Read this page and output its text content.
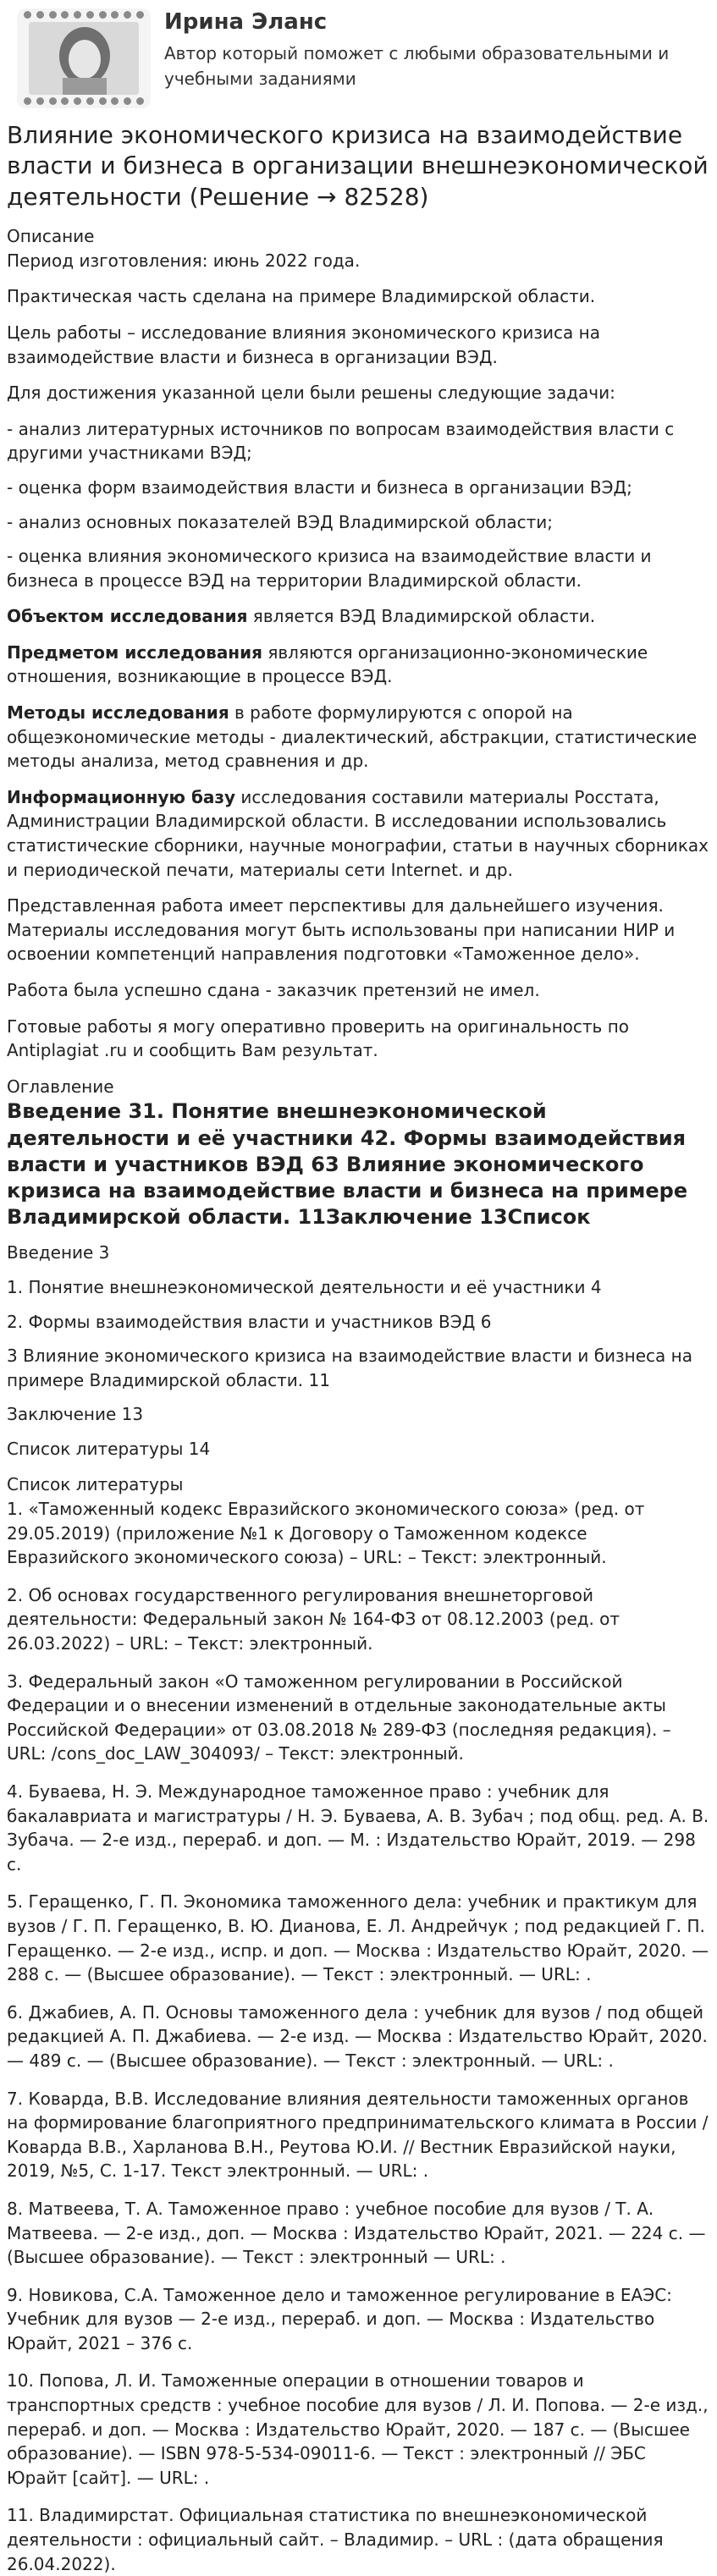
Ирина Эланс
Автор который поможет с любыми образовательными и учебными заданиями
Влияние экономического кризиса на взаимодействие власти и бизнеса в организации внешнеэкономической деятельности (Решение → 82528)
Описание

Период изготовления: июнь 2022 года.

Практическая часть сделана на примере Владимирской области.

Цель работы – исследование влияния экономического кризиса на взаимодействие власти и бизнеса в организации ВЭД.

Для достижения указанной цели были решены следующие задачи:

- анализ литературных источников по вопросам взаимодействия власти с другими участниками ВЭД;

- оценка форм взаимодействия власти и бизнеса в организации ВЭД;

- анализ основных показателей ВЭД Владимирской области;

- оценка влияния экономического кризиса на взаимодействие власти и бизнеса в процессе ВЭД на территории Владимирской области.

Объектом исследования является ВЭД Владимирской области.

Предметом исследования являются организационно-экономические отношения, возникающие в процессе ВЭД.

Методы исследования в работе формулируются с опорой на общеэкономические методы - диалектический, абстракции, статистические методы анализа, метод сравнения и др.

Информационную базу исследования составили материалы Росстата, Администрации Владимирской области. В исследовании использовались статистические сборники, научные монографии, статьи в научных сборниках и периодической печати, материалы сети Internet. и др.

Представленная работа имеет перспективы для дальнейшего изучения. Материалы исследования могут быть использованы при написании НИР и освоении компетенций направления подготовки «Таможенное дело».

Работа была успешно сдана - заказчик претензий не имел.

Готовые работы я могу оперативно проверить на оригинальность по Antiplagiat .ru и сообщить Вам результат.

Оглавление
Введение 31. Понятие внешнеэкономической деятельности и её участники 42. Формы взаимодействия власти и участников ВЭД 63 Влияние экономического кризиса на взаимодействие власти и бизнеса на примере Владимирской области. 11Заключение 13Список

Введение 3

1. Понятие внешнеэкономической деятельности и её участники 4

2. Формы взаимодействия власти и участников ВЭД 6

3 Влияние экономического кризиса на взаимодействие власти и бизнеса на примере Владимирской области. 11

Заключение 13

Список литературы 14

Список литературы

1. «Таможенный кодекс Евразийского экономического союза» (ред. от 29.05.2019) (приложение №1 к Договору о Таможенном кодексе Евразийского экономического союза) – URL: – Текст: электронный.

2. Об основах государственного регулирования внешнеторговой деятельности: Федеральный закон № 164-ФЗ от 08.12.2003 (ред. от 26.03.2022) – URL: – Текст: электронный.

3. Федеральный закон «О таможенном регулировании в Российской Федерации и о внесении изменений в отдельные законодательные акты Российской Федерации» от 03.08.2018 № 289-ФЗ (последняя редакция). – URL: /cons_doc_LAW_304093/ – Текст: электронный.

4. Буваева, Н. Э. Международное таможенное право : учебник для бакалавриата и магистратуры / Н. Э. Буваева, А. В. Зубач ; под общ. ред. А. В. Зубача. — 2-е изд., перераб. и доп. — М. : Издательство Юрайт, 2019. — 298 с.

5. Геращенко, Г. П. Экономика таможенного дела: учебник и практикум для вузов / Г. П. Геращенко, В. Ю. Дианова, Е. Л. Андрейчук ; под редакцией Г. П. Геращенко. — 2-е изд., испр. и доп. — Москва : Издательство Юрайт, 2020. — 288 с. — (Высшее образование). — Текст : электронный. — URL: .

6. Джабиев, А. П. Основы таможенного дела : учебник для вузов / под общей редакцией А. П. Джабиева. — 2-е изд. — Москва : Издательство Юрайт, 2020. — 489 с. — (Высшее образование). — Текст : электронный. — URL: .

7. Ковaрда, В.В. Исследование влияния деятельности таможенных органов на формирование благоприятного предпринимательского климата в России / Ковaрда В.В., Харланова В.Н., Реутова Ю.И. // Вестник Евразийской науки, 2019, №5, С. 1-17. Текст электронный. — URL: .

8. Матвеева, Т. А. Таможенное право : учебное пособие для вузов / Т. А. Матвеева. — 2-е изд., доп. — Москва : Издательство Юрайт, 2021. — 224 с. — (Высшее образование). — Текст : электронный — URL: .

9. Новикова, С.А. Таможенное дело и таможенное регулирование в ЕАЭС: Учебник для вузов — 2-е изд., перераб. и доп. — Москва : Издательство Юрайт, 2021 – 376 с.

10. Попова, Л. И. Таможенные операции в отношении товаров и транспортных средств : учебное пособие для вузов / Л. И. Попова. — 2-е изд., перераб. и доп. — Москва : Издательство Юрайт, 2020. — 187 с. — (Высшее образование). — ISBN 978-5-534-09011-6. — Текст : электронный // ЭБС Юрайт [сайт]. — URL: .

11. Владимирстат. Официальная статистика по внешнеэкономической деятельности : официальный сайт. – Владимир. – URL : (дата обращения 26.04.2022).
